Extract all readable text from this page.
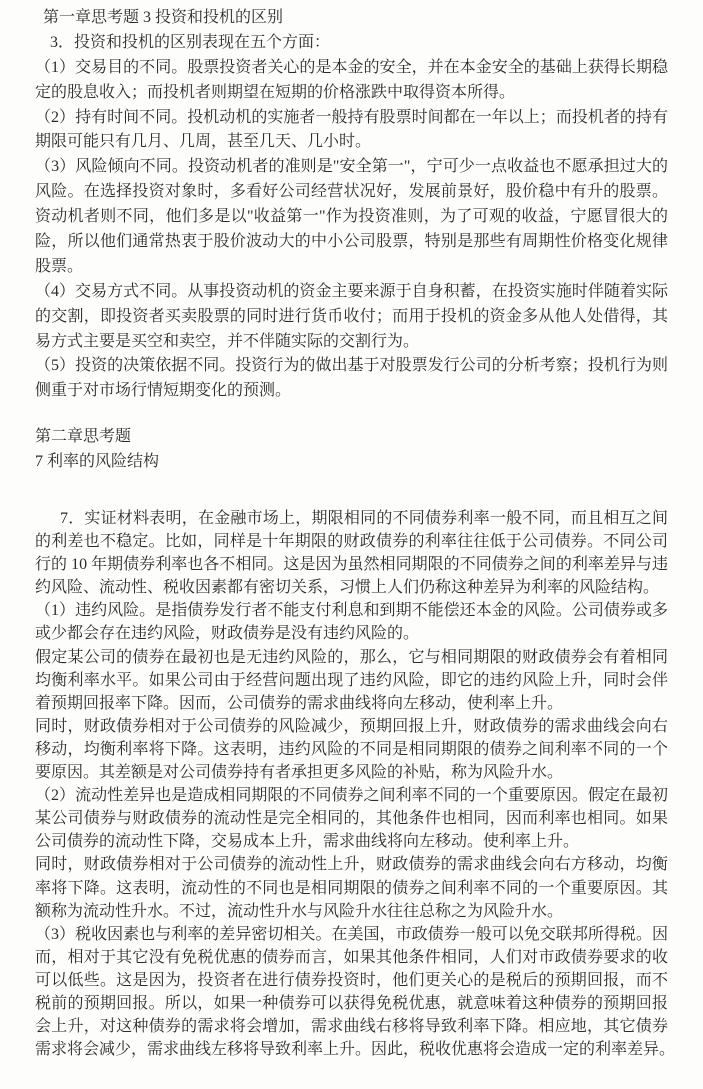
第一章思考题 3 投资和投机的区别
3．投资和投机的区别表现在五个方面：
（1）交易目的不同。股票投资者关心的是本金的安全，并在本金安全的基础上获得长期稳
定的股息收入；而投机者则期望在短期的价格涨跌中取得资本所得。
（2）持有时间不同。投机动机的实施者一般持有股票时间都在一年以上；而投机者的持有
期限可能只有几月、几周，甚至几天、几小时。
（3）风险倾向不同。投资动机者的准则是"安全第一"，宁可少一点收益也不愿承担过大的
风险。在选择投资对象时，多看好公司经营状况好，发展前景好，股价稳中有升的股票。
资动机者则不同，他们多是以"收益第一"作为投资准则，为了可观的收益，宁愿冒很大的
险，所以他们通常热衷于股价波动大的中小公司股票，特别是那些有周期性价格变化规律
股票。
（4）交易方式不同。从事投资动机的资金主要来源于自身积蓄，在投资实施时伴随着实际
的交割，即投资者买卖股票的同时进行货币收付；而用于投机的资金多从他人处借得，其
易方式主要是买空和卖空，并不伴随实际的交割行为。
（5）投资的决策依据不同。投资行为的做出基于对股票发行公司的分析考察；投机行为则
侧重于对市场行情短期变化的预测。
第二章思考题
7 利率的风险结构
7．实证材料表明，在金融市场上，期限相同的不同债券利率一般不同，而且相互之间
的利差也不稳定。比如，同样是十年期限的财政债券的利率往往低于公司债券。不同公司
行的 10 年期债券利率也各不相同。这是因为虽然相同期限的不同债券之间的利率差异与违
约风险、流动性、税收因素都有密切关系，习惯上人们仍称这种差异为利率的风险结构。
（1）违约风险。是指债券发行者不能支付利息和到期不能偿还本金的风险。公司债券或多
或少都会存在违约风险，财政债券是没有违约风险的。
假定某公司的债券在最初也是无违约风险的，那么，它与相同期限的财政债券会有着相同
均衡利率水平。如果公司由于经营问题出现了违约风险，即它的违约风险上升，同时会伴
着预期回报率下降。因而，公司债券的需求曲线将向左移动，使利率上升。
同时，财政债券相对于公司债券的风险减少，预期回报上升，财政债券的需求曲线会向右
移动，均衡利率将下降。这表明，违约风险的不同是相同期限的债券之间利率不同的一个
要原因。其差额是对公司债券持有者承担更多风险的补贴，称为风险升水。
（2）流动性差异也是造成相同期限的不同债券之间利率不同的一个重要原因。假定在最初
某公司债券与财政债券的流动性是完全相同的，其他条件也相同，因而利率也相同。如果
公司债券的流动性下降，交易成本上升，需求曲线将向左移动。使利率上升。
同时，财政债券相对于公司债券的流动性上升，财政债券的需求曲线会向右方移动，均衡
率将下降。这表明，流动性的不同也是相同期限的债券之间利率不同的一个重要原因。其
额称为流动性升水。不过，流动性升水与风险升水往往总称之为风险升水。
（3）税收因素也与利率的差异密切相关。在美国，市政债券一般可以免交联邦所得税。因
而，相对于其它没有免税优惠的债券而言，如果其他条件相同，人们对市政债券要求的收
可以低些。这是因为，投资者在进行债券投资时，他们更关心的是税后的预期回报，而不
税前的预期回报。所以，如果一种债券可以获得免税优惠，就意味着这种债券的预期回报
会上升，对这种债券的需求将会增加，需求曲线右移将导致利率下降。相应地，其它债券
需求将会减少，需求曲线左移将导致利率上升。因此，税收优惠将会造成一定的利率差异。
